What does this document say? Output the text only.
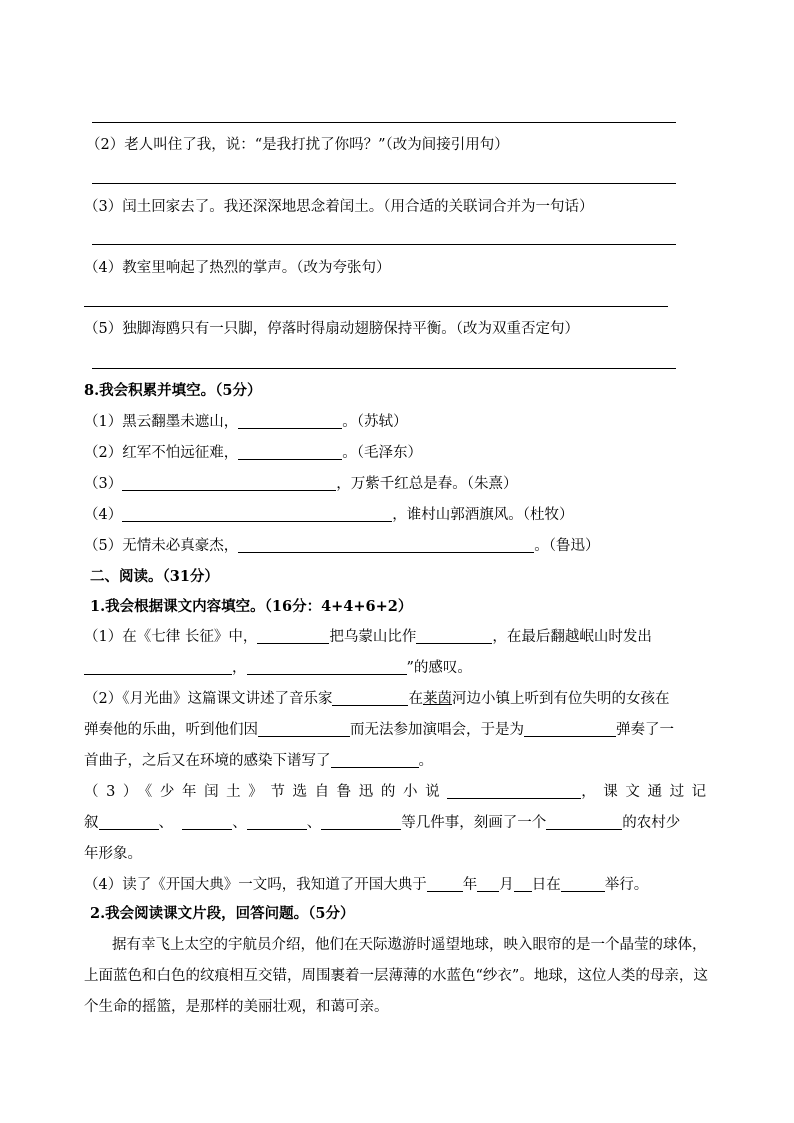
（2）老人叫住了我，说：“是我打扰了你吗？”（改为间接引用句）
（3）闰土回家去了。我还深深地思念着闰土。（用合适的关联词合并为一句话）
（4）教室里响起了热烈的掌声。（改为夸张句）
（5）独脚海鸥只有一只脚，停落时得扇动翅膀保持平衡。（改为双重否定句）
8.我会积累并填空。（5分）
（1）黑云翻墨未遮山，	。（苏轼）
（2）红军不怕远征难，	。（毛泽东）
（3）	，万紫千红总是春。（朱熹）
（4）	，谁村山郭酒旗风。（杜牧）
（5）无情未必真豪杰，	。（鲁迅）
二、阅读。（31分）
1.我会根据课文内容填空。（16分：4+4+6+2）
（1）在《七律 长征》中，	把乌蒙山比作	，在最后翻越岷山时发出
，	”的感叹。
（2）《月光曲》这篇课文讲述了音乐家	在莱茵河边小镇上听到有位失明的女孩在
弹奏他的乐曲，听到他们因	而无法参加演唱会，于是为	弹奏了一
首曲子，之后又在环境的感染下谱写了	。
（3）《少年闰土》节选自鲁迅的小说	，课文通过记
叙	、	、	、	等几件事，刻画了一个	的农村少
年形象。
（4）读了《开国大典》一文吗，我知道了开国大典于 年 月 日在	举行。
2.我会阅读课文片段，回答问题。（5分）
据有幸飞上太空的宇航员介绍，他们在天际遨游时遥望地球，映入眼帘的是一个晶莹的球体，上面蓝色和白色的纹痕相互交错，周围裹着一层薄薄的水蓝色“纱衣”。地球，这位人类的母亲，这个生命的摇篮，是那样的美丽壮观，和蔼可亲。
